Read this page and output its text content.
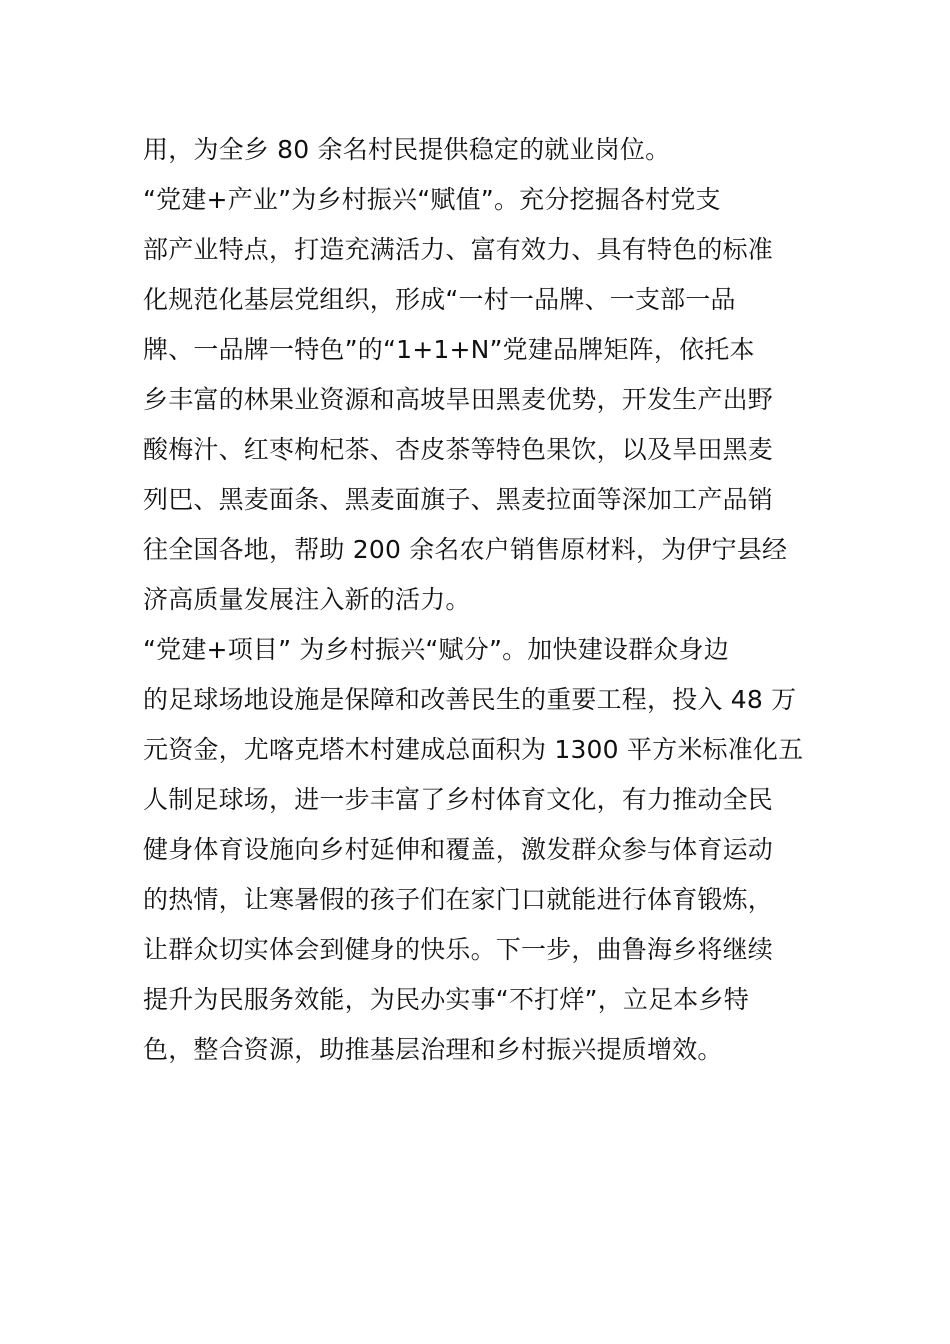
用，为全乡 80 余名村民提供稳定的就业岗位。
“党建+产业”为乡村振兴“赋值”。充分挖掘各村党支
部产业特点，打造充满活力、富有效力、具有特色的标准
化规范化基层党组织，形成“一村一品牌、一支部一品
牌、一品牌一特色”的“1+1+N”党建品牌矩阵，依托本
乡丰富的林果业资源和高坡旱田黑麦优势，开发生产出野
酸梅汁、红枣枸杞茶、杏皮茶等特色果饮，以及旱田黑麦
列巴、黑麦面条、黑麦面旗子、黑麦拉面等深加工产品销
往全国各地，帮助 200 余名农户销售原材料，为伊宁县经
济高质量发展注入新的活力。
“党建+项目” 为乡村振兴“赋分”。加快建设群众身边
的足球场地设施是保障和改善民生的重要工程，投入 48 万
元资金，尤喀克塔木村建成总面积为 1300 平方米标准化五
人制足球场，进一步丰富了乡村体育文化，有力推动全民
健身体育设施向乡村延伸和覆盖，激发群众参与体育运动
的热情，让寒暑假的孩子们在家门口就能进行体育锻炼，
让群众切实体会到健身的快乐。下一步，曲鲁海乡将继续
提升为民服务效能，为民办实事“不打烊”，立足本乡特
色，整合资源，助推基层治理和乡村振兴提质增效。
